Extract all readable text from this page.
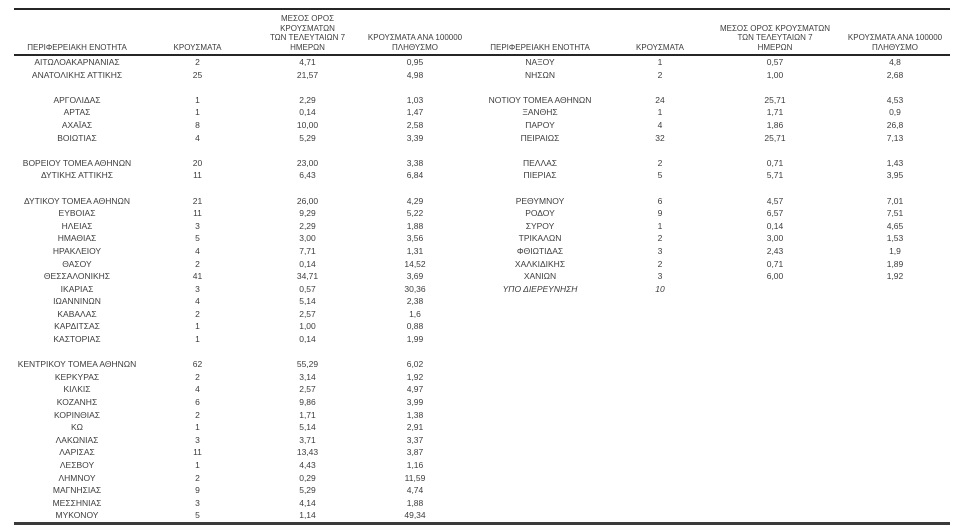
ΠΕΡΙΦΕΡΕΙΑΚΗ ΕΝΟΤΗΤΑ	ΚΡΟΥΣΜΑΤΑ	ΜΕΣΟΣ ΟΡΟΣ ΚΡΟΥΣΜΑΤΩΝ
ΤΩΝ ΤΕΛΕΥΤΑΙΩΝ 7
ΗΜΕΡΩΝ	ΚΡΟΥΣΜΑΤΑ ΑΝΑ 100000
ΠΛΗΘΥΣΜΟ	ΠΕΡΙΦΕΡΕΙΑΚΗ ΕΝΟΤΗΤΑ	ΚΡΟΥΣΜΑΤΑ	ΜΕΣΟΣ ΟΡΟΣ ΚΡΟΥΣΜΑΤΩΝ
ΤΩΝ ΤΕΛΕΥΤΑΙΩΝ 7
ΗΜΕΡΩΝ	ΚΡΟΥΣΜΑΤΑ ΑΝΑ 100000
ΠΛΗΘΥΣΜΟ

ΑΙΤΩΛΟΑΚΑΡΝΑΝΙΑΣ	2	4,71	0,95	ΝΑΞΟΥ	1	0,57	4,8
ΑΝΑΤΟΛΙΚΗΣ ΑΤΤΙΚΗΣ	25	21,57	4,98	ΝΗΣΩΝ	2	1,00	2,68

ΑΡΓΟΛΙΔΑΣ	1	2,29	1,03	ΝΟΤΙΟΥ ΤΟΜΕΑ ΑΘΗΝΩΝ	24	25,71	4,53
ΑΡΤΑΣ	1	0,14	1,47	ΞΑΝΘΗΣ	1	1,71	0,9
ΑΧΑΪΑΣ	8	10,00	2,58	ΠΑΡΟΥ	4	1,86	26,8
ΒΟΙΩΤΙΑΣ	4	5,29	3,39	ΠΕΙΡΑΙΩΣ	32	25,71	7,13

ΒΟΡΕΙΟΥ ΤΟΜΕΑ ΑΘΗΝΩΝ	20	23,00	3,38	ΠΕΛΛΑΣ	2	0,71	1,43
ΔΥΤΙΚΗΣ ΑΤΤΙΚΗΣ	11	6,43	6,84	ΠΙΕΡΙΑΣ	5	5,71	3,95

ΔΥΤΙΚΟΥ ΤΟΜΕΑ ΑΘΗΝΩΝ	21	26,00	4,29	ΡΕΘΥΜΝΟΥ	6	4,57	7,01
ΕΥΒΟΙΑΣ	11	9,29	5,22	ΡΟΔΟΥ	9	6,57	7,51
ΗΛΕΙΑΣ	3	2,29	1,88	ΣΥΡΟΥ	1	0,14	4,65
ΗΜΑΘΙΑΣ	5	3,00	3,56	ΤΡΙΚΑΛΩΝ	2	3,00	1,53
ΗΡΑΚΛΕΙΟΥ	4	7,71	1,31	ΦΘΙΩΤΙΔΑΣ	3	2,43	1,9
ΘΑΣΟΥ	2	0,14	14,52	ΧΑΛΚΙΔΙΚΗΣ	2	0,71	1,89
ΘΕΣΣΑΛΟΝΙΚΗΣ	41	34,71	3,69	ΧΑΝΙΩΝ	3	6,00	1,92
ΙΚΑΡΙΑΣ	3	0,57	30,36	ΥΠΟ ΔΙΕΡΕΥΝΗΣΗ	10		
ΙΩΑΝΝΙΝΩΝ	4	5,14	2,38				
ΚΑΒΑΛΑΣ	2	2,57	1,6				
ΚΑΡΔΙΤΣΑΣ	1	1,00	0,88				
ΚΑΣΤΟΡΙΑΣ	1	0,14	1,99				

ΚΕΝΤΡΙΚΟΥ ΤΟΜΕΑ ΑΘΗΝΩΝ	62	55,29	6,02				
ΚΕΡΚΥΡΑΣ	2	3,14	1,92				
ΚΙΛΚΙΣ	4	2,57	4,97				
ΚΟΖΑΝΗΣ	6	9,86	3,99				
ΚΟΡΙΝΘΙΑΣ	2	1,71	1,38				
ΚΩ	1	5,14	2,91				
ΛΑΚΩΝΙΑΣ	3	3,71	3,37				
ΛΑΡΙΣΑΣ	11	13,43	3,87				
ΛΕΣΒΟΥ	1	4,43	1,16				
ΛΗΜΝΟΥ	2	0,29	11,59				
ΜΑΓΝΗΣΙΑΣ	9	5,29	4,74				
ΜΕΣΣΗΝΙΑΣ	3	4,14	1,88				
ΜΥΚΟΝΟΥ	5	1,14	49,34				
